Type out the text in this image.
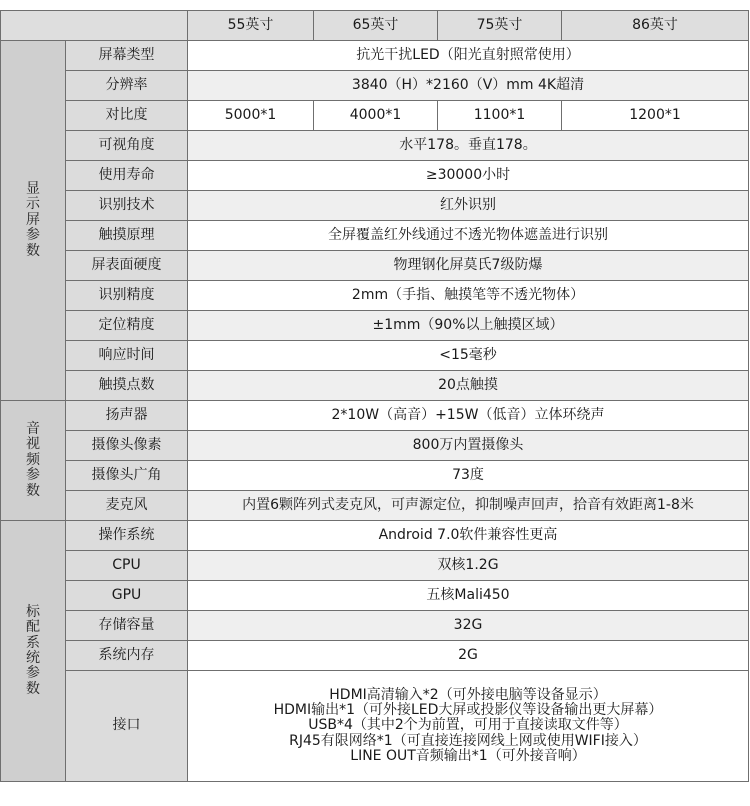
		55英寸	65英寸	75英寸	86英寸
显示屏参数	屏幕类型	抗光干扰LED（阳光直射照常使用）			
	分辨率	3840（H）*2160（V）mm 4K超清			
	对比度	5000*1	4000*1	1100*1	1200*1
	可视角度	水平178。垂直178。			
	使用寿命	≥30000小时			
	识别技术	红外识别			
	触摸原理	全屏覆盖红外线通过不透光物体遮盖进行识别			
	屏表面硬度	物理钢化屏莫氏7级防爆			
	识别精度	2mm（手指、触摸笔等不透光物体）			
	定位精度	±1mm（90%以上触摸区域）			
	响应时间	<15毫秒			
	触摸点数	20点触摸			
音视频参数	扬声器	2*10W（高音）+15W（低音）立体环绕声			
	摄像头像素	800万内置摄像头			
	摄像头广角	73度			
	麦克风	内置6颗阵列式麦克风，可声源定位，抑制噪声回声，拾音有效距离1-8米			
标配系统参数	操作系统	Android 7.0软件兼容性更高			
	CPU	双核1.2G			
	GPU	五核Mali450			
	存储容量	32G			
	系统内存	2G			
	接口	HDMI高清输入*2（可外接电脑等设备显示）
HDMI输出*1（可外接LED大屏或投影仪等设备输出更大屏幕）
USB*4（其中2个为前置，可用于直接读取文件等）
RJ45有限网络*1（可直接连接网线上网或使用WIFI接入）
LINE OUT音频输出*1（可外接音响）			
